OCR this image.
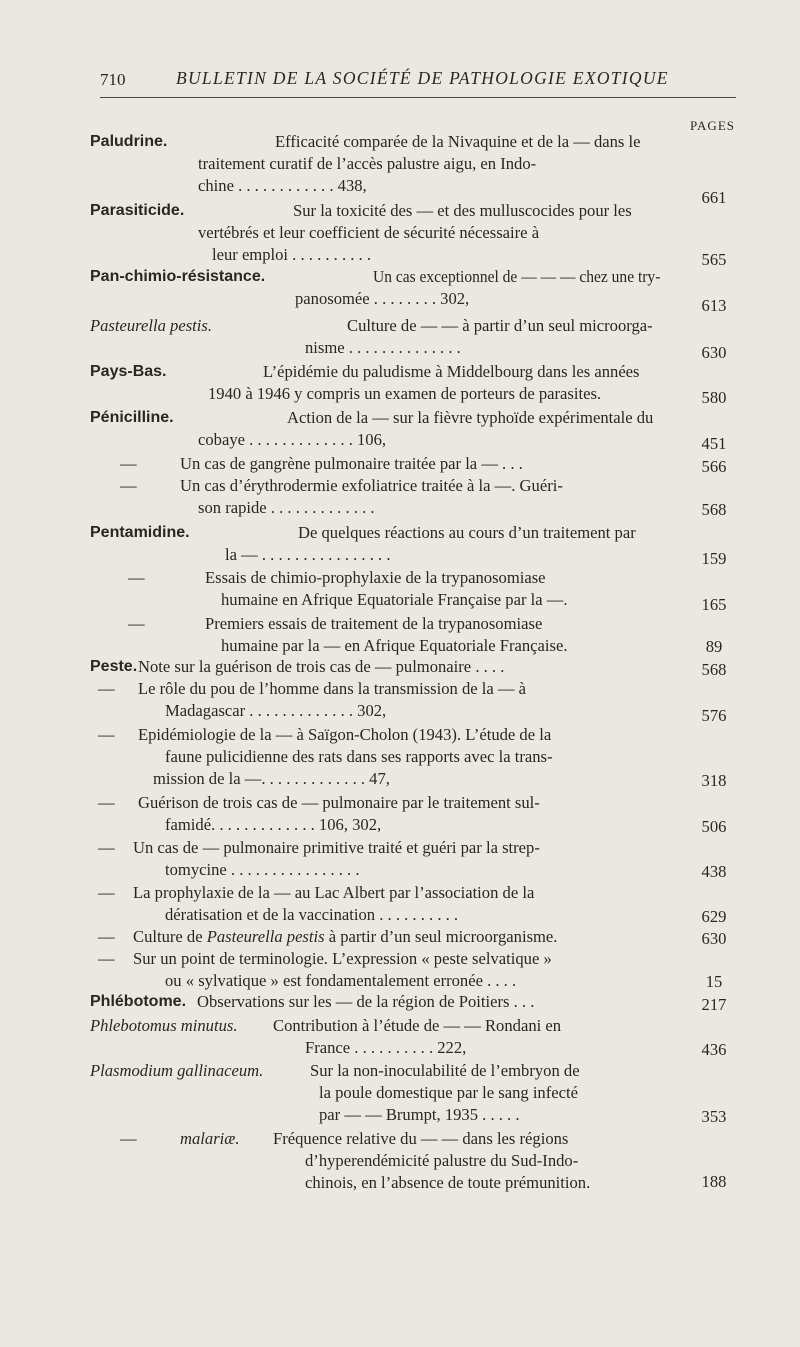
710	BULLETIN DE LA SOCIÉTÉ DE PATHOLOGIE EXOTIQUE
PAGES
Paludrine.	Efficacité comparée de la Nivaquine et de la — dans le
traitement curatif de l’accès palustre aigu, en Indo-
chine . . . . . . . . . . . . 438,
661
Parasiticide.	Sur la toxicité des — et des mulluscocides pour les
vertébrés et leur coefficient de sécurité nécessaire à
leur emploi . . . . . . . . . .	565
Pan-chimio-résistance.	Un cas exceptionnel de — — — chez une try-
panosomée . . . . . . . . 302,	613
Pasteurella pestis.	Culture de — — à partir d’un seul microorga-
nisme . . . . . . . . . . . . . .	630
Pays-Bas.	L’épidémie du paludisme à Middelbourg dans les années
1940 à 1946 y compris un examen de porteurs de parasites.	580
Pénicilline.	Action de la — sur la fièvre typhoïde expérimentale du
cobaye . . . . . . . . . . . . . 106,	451
—	Un cas de gangrène pulmonaire traitée par la — . . .	566
—	Un cas d’érythrodermie exfoliatrice traitée à la —. Guéri-
son rapide . . . . . . . . . . . . .	568
Pentamidine.	De quelques réactions au cours d’un traitement par
la — . . . . . . . . . . . . . . . .	159
—	Essais de chimio-prophylaxie de la trypanosomiase
humaine en Afrique Equatoriale Française par la —.	165
—	Premiers essais de traitement de la trypanosomiase
humaine par la — en Afrique Equatoriale Française.	89
Peste. Note sur la guérison de trois cas de — pulmonaire . . . .	568
— Le rôle du pou de l’homme dans la transmission de la — à
Madagascar . . . . . . . . . . . . . 302,	576
— Epidémiologie de la — à Saïgon-Cholon (1943). L’étude de la
faune pulicidienne des rats dans ses rapports avec la trans-
mission de la —. . . . . . . . . . . . . 47,	318
— Guérison de trois cas de — pulmonaire par le traitement sul-
famidé. . . . . . . . . . . . . 106, 302,	506
— Un cas de — pulmonaire primitive traité et guéri par la strep-
tomycine . . . . . . . . . . . . . . . .	438
— La prophylaxie de la — au Lac Albert par l’association de la
dératisation et de la vaccination . . . . . . . . . .	629
— Culture de Pasteurella pestis à partir d’un seul microorganisme.	630
— Sur un point de terminologie. L’expression « peste selvatique »
ou « sylvatique » est fondamentalement erronée . . . .	15
Phlébotome. Observations sur les — de la région de Poitiers . . .	217
Phlebotomus minutus. Contribution à l’étude de — — Rondani en
France . . . . . . . . . . 222,	436
Plasmodium gallinaceum.	Sur la non-inoculabilité de l’embryon de
la poule domestique par le sang infecté
par — — Brumpt, 1935 . . . . .	353
—	malariæ. Fréquence relative du — — dans les régions
d’hyperendémicité palustre du Sud-Indo-
chinois, en l’absence de toute prémunition.	188
